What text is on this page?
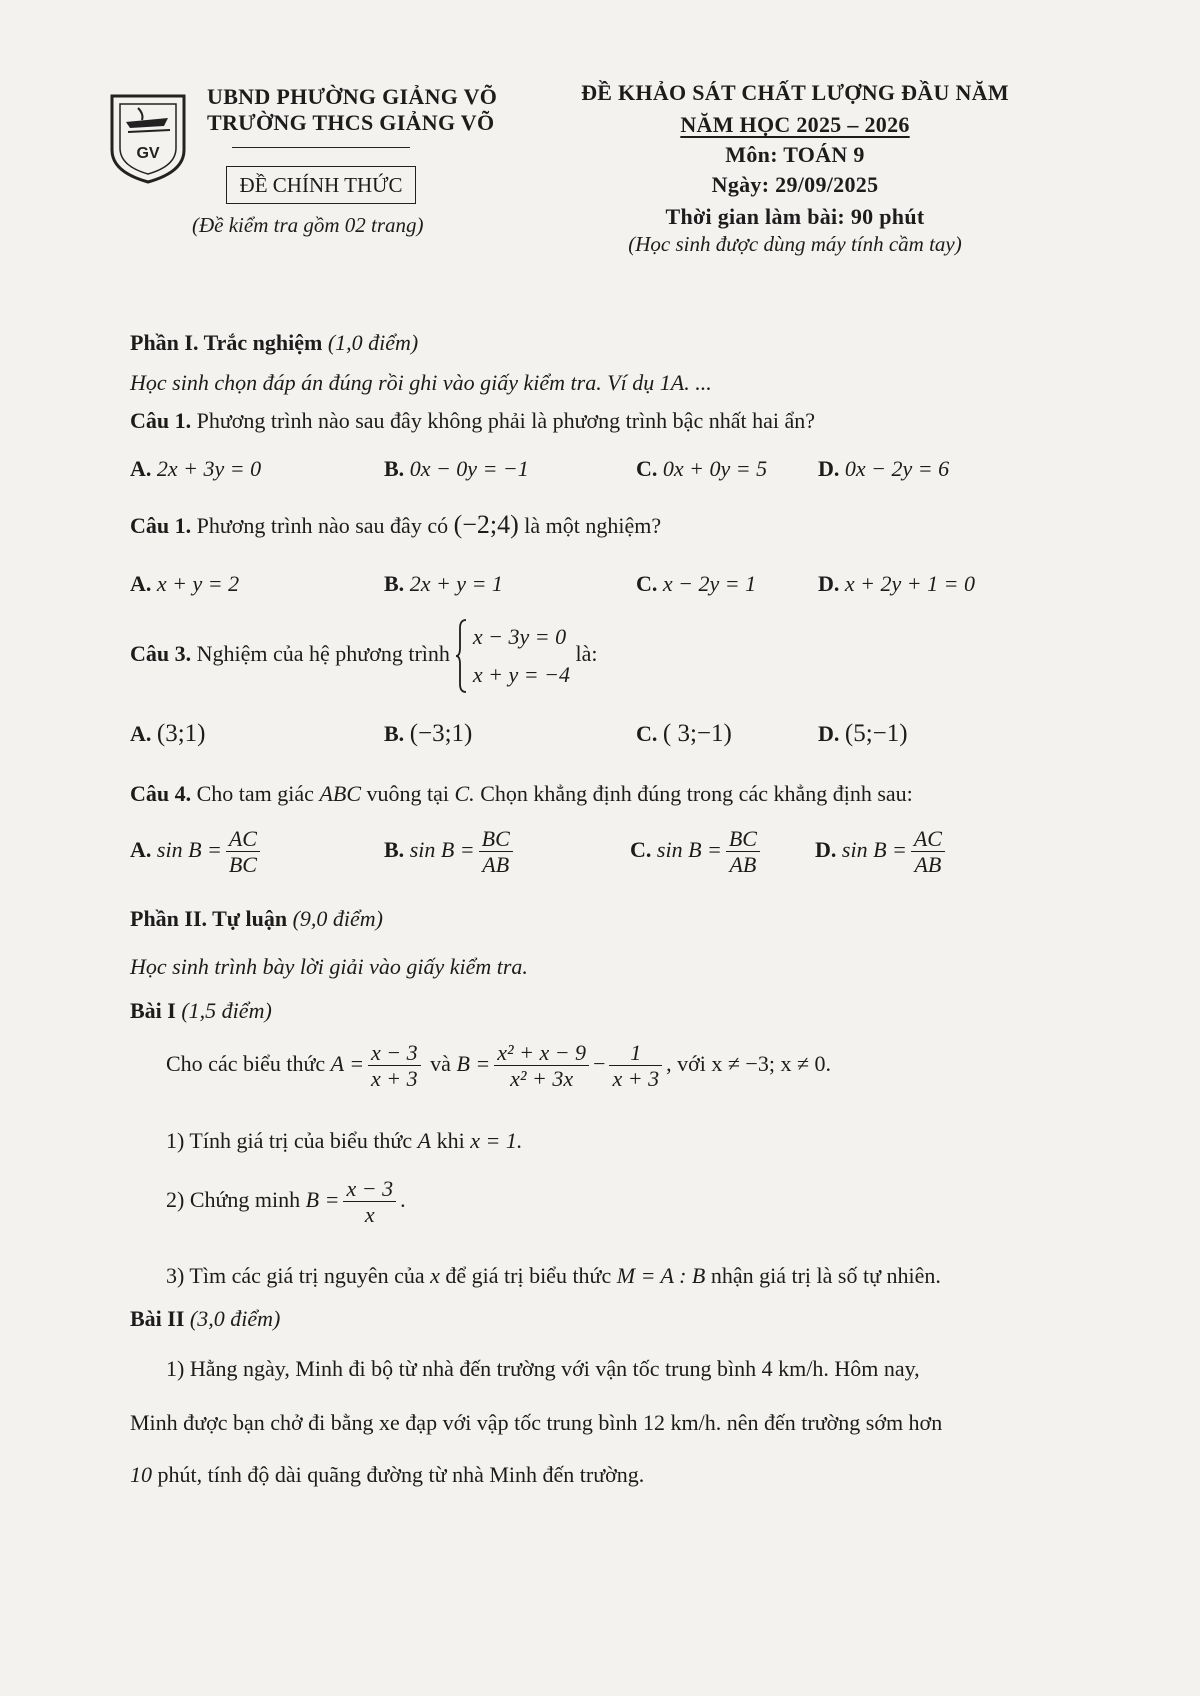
GV
UBND PHƯỜNG GIẢNG VÕ
TRƯỜNG THCS GIẢNG VÕ
ĐỀ CHÍNH THỨC
(Đề kiểm tra gồm 02 trang)
ĐỀ KHẢO SÁT CHẤT LƯỢNG ĐẦU NĂM
NĂM HỌC 2025 – 2026
Môn: TOÁN 9
Ngày: 29/09/2025
Thời gian làm bài: 90 phút
(Học sinh được dùng máy tính cầm tay)
Phần I. Trắc nghiệm (1,0 điểm)
Học sinh chọn đáp án đúng rồi ghi vào giấy kiểm tra. Ví dụ 1A. ...
Câu 1. Phương trình nào sau đây không phải là phương trình bậc nhất hai ẩn?
A. 2x + 3y = 0	B. 0x − 0y = −1	C. 0x + 0y = 5 D. 0x − 2y = 6
Câu 1. Phương trình nào sau đây có (−2;4) là một nghiệm?
A. x + y = 2	B. 2x + y = 1	C. x − 2y = 1	D. x + 2y + 1 = 0
Câu 3. Nghiệm của hệ phương trình
x − 3y = 0
x + y = −4
là:
A. (3;1)	B. (−3;1)	C. ( 3;−1)	D. (5;−1)
Câu 4. Cho tam giác ABC vuông tại C. Chọn khẳng định đúng trong các khẳng định sau:
A. $\sin B = \frac{AC}{BC}$	B. $\sin B = \frac{BC}{AB}$	C. $\sin B = \frac{BC}{AB}$	D. $\sin B = \frac{AC}{AB}$
Phần II. Tự luận (9,0 điểm)
Học sinh trình bày lời giải vào giấy kiểm tra.
Bài I (1,5 điểm)
Cho các biểu thức $A = \frac{x - 3}{x + 3}$ và $B = \frac{\text{x² + x − 9}}{\text{x² + 3x}} - \frac{1}{x + 3}$ , với x ≠ −3; x ≠ 0.
1) Tính giá trị của biểu thức A khi x = 1.
2) Chứng minh $B = \frac{x - 3}{x}$ .
3) Tìm các giá trị nguyên của x để giá trị biểu thức M = A : B nhận giá trị là số tự nhiên.
Bài II (3,0 điểm)
1) Hằng ngày, Minh đi bộ từ nhà đến trường với vận tốc trung bình 4 km/h. Hôm nay,
Minh được bạn chở đi bằng xe đạp với vập tốc trung bình 12 km/h. nên đến trường sớm hơn
10 phút, tính độ dài quãng đường từ nhà Minh đến trường.
